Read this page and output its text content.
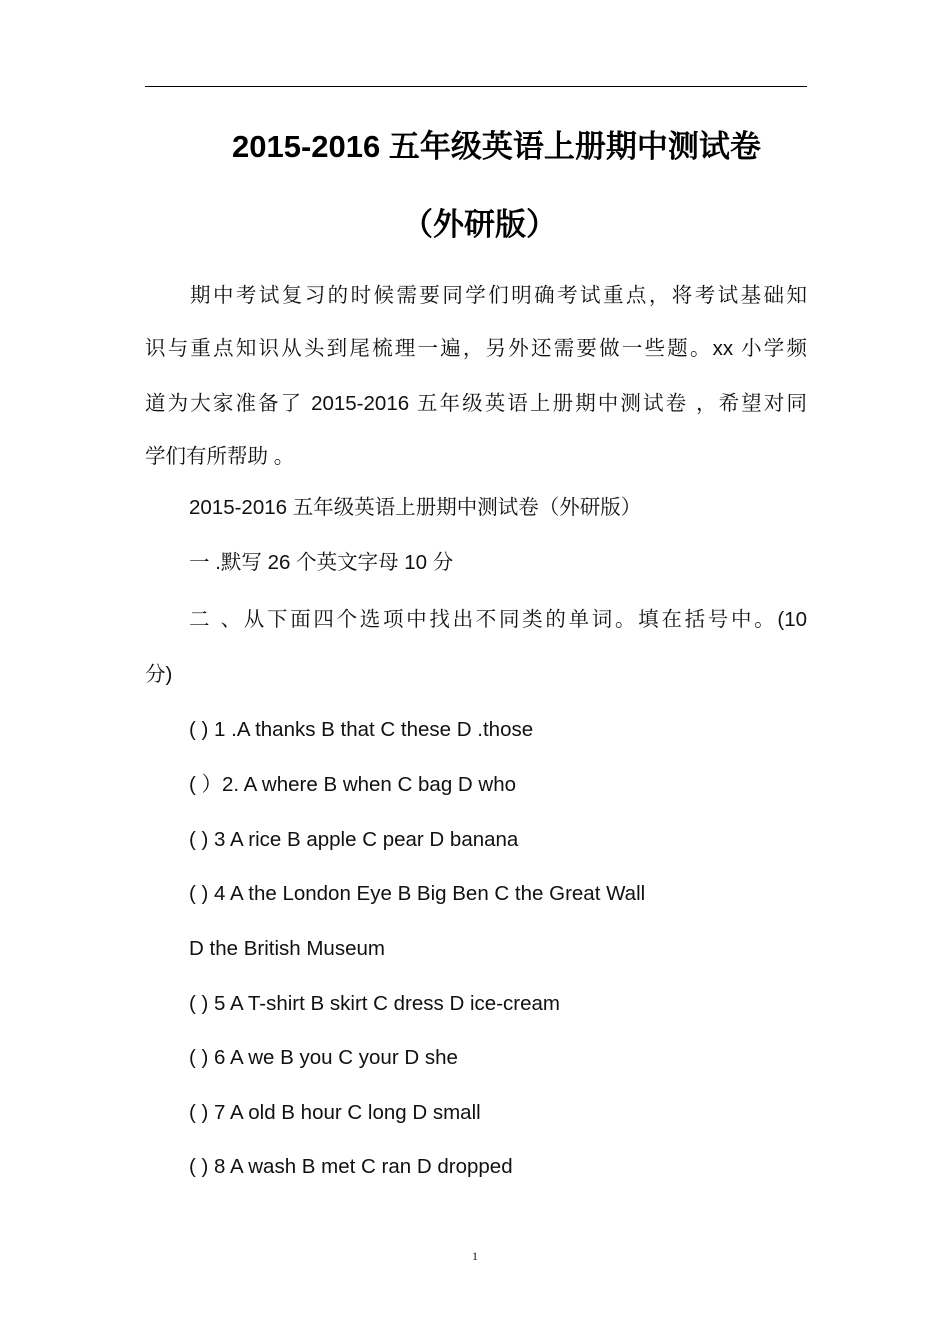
2015-2016 五年级英语上册期中测试卷
（外研版）
期中考试复习的时候需要同学们明确考试重点，将考试基础知
识与重点知识从头到尾梳理一遍，另外还需要做一些题。xx 小学频
道为大家准备了 2015-2016 五年级英语上册期中测试卷 ，希望对同
学们有所帮助 。
2015-2016 五年级英语上册期中测试卷（外研版）
一 .默写 26 个英文字母 10 分
二 、从下面四个选项中找出不同类的单词。填在括号中。(10
分)
( ) 1 .A thanks B that C these D .those
( ）2. A where B when C bag D who
( ) 3 A rice B apple C pear D banana
( ) 4 A the London Eye B Big Ben C the Great Wall
D the British Museum
( ) 5 A T-shirt B skirt C dress D ice-cream
( ) 6 A we B you C your D she
( ) 7 A old B hour C long D small
( ) 8 A wash B met C ran D dropped
1
